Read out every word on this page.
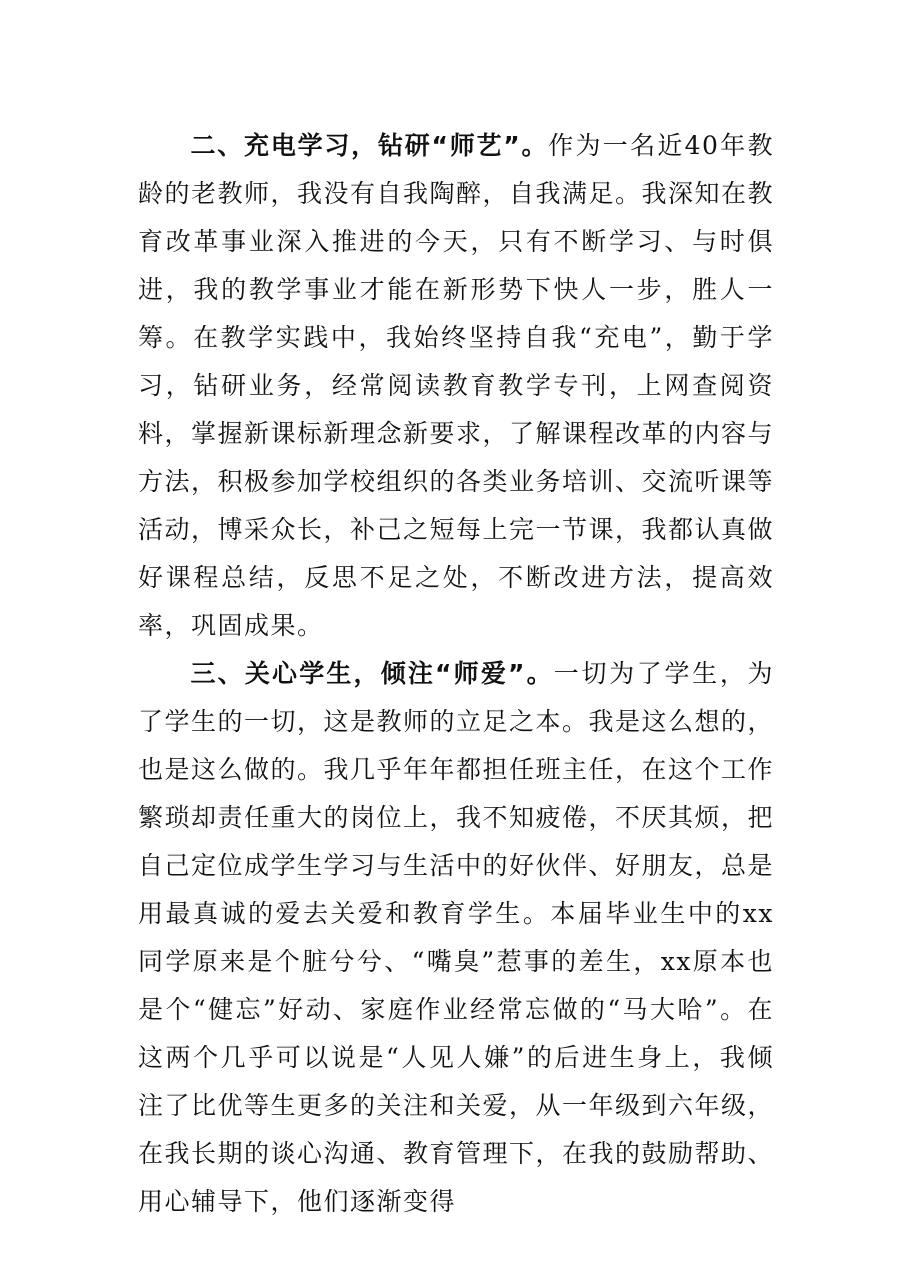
二、充电学习，钻研“师艺”。作为一名近40年教龄的老教师，我没有自我陶醉，自我满足。我深知在教育改革事业深入推进的今天，只有不断学习、与时俱进，我的教学事业才能在新形势下快人一步，胜人一筹。在教学实践中，我始终坚持自我“充电”，勤于学习，钻研业务，经常阅读教育教学专刊，上网查阅资料，掌握新课标新理念新要求，了解课程改革的内容与方法，积极参加学校组织的各类业务培训、交流听课等活动，博采众长，补己之短每上完一节课，我都认真做好课程总结，反思不足之处，不断改进方法，提高效率，巩固成果。

三、关心学生，倾注“师爱”。一切为了学生，为了学生的一切，这是教师的立足之本。我是这么想的，也是这么做的。我几乎年年都担任班主任，在这个工作繁琐却责任重大的岗位上，我不知疲倦，不厌其烦，把自己定位成学生学习与生活中的好伙伴、好朋友，总是用最真诚的爱去关爱和教育学生。本届毕业生中的xx同学原来是个脏兮兮、“嘴臭”惹事的差生，xx原本也是个“健忘”好动、家庭作业经常忘做的“马大哈”。在这两个几乎可以说是“人见人嫌”的后进生身上，我倾注了比优等生更多的关注和关爱，从一年级到六年级，在我长期的谈心沟通、教育管理下，在我的鼓励帮助、用心辅导下，他们逐渐变得
